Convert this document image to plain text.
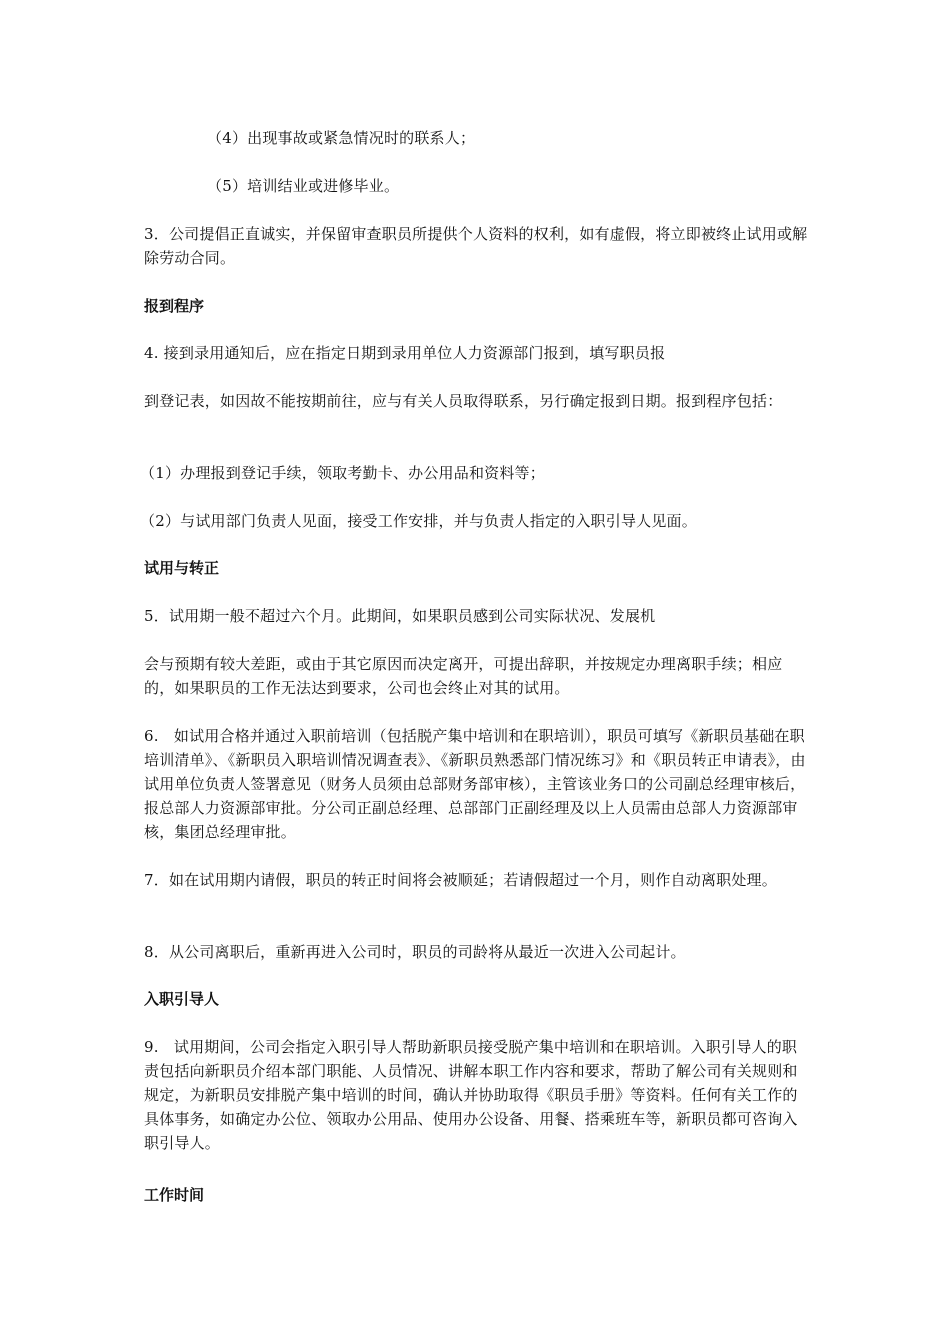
（4）出现事故或紧急情况时的联系人；

（5）培训结业或进修毕业。

3．公司提倡正直诚实，并保留审查职员所提供个人资料的权利，如有虚假，将立即被终止试用或解除劳动合同。

报到程序

4. 接到录用通知后，应在指定日期到录用单位人力资源部门报到，填写职员报

到登记表，如因故不能按期前往，应与有关人员取得联系，另行确定报到日期。报到程序包括：

（1）办理报到登记手续，领取考勤卡、办公用品和资料等；

（2）与试用部门负责人见面，接受工作安排，并与负责人指定的入职引导人见面。

试用与转正

5．试用期一般不超过六个月。此期间，如果职员感到公司实际状况、发展机

会与预期有较大差距，或由于其它原因而决定离开，可提出辞职，并按规定办理离职手续；相应的，如果职员的工作无法达到要求，公司也会终止对其的试用。

6.　如试用合格并通过入职前培训（包括脱产集中培训和在职培训），职员可填写《新职员基础在职培训清单》、《新职员入职培训情况调查表》、《新职员熟悉部门情况练习》和《职员转正申请表》，由试用单位负责人签署意见（财务人员须由总部财务部审核），主管该业务口的公司副总经理审核后，报总部人力资源部审批。分公司正副总经理、总部部门正副经理及以上人员需由总部人力资源部审核，集团总经理审批。

7．如在试用期内请假，职员的转正时间将会被顺延；若请假超过一个月，则作自动离职处理。

8．从公司离职后，重新再进入公司时，职员的司龄将从最近一次进入公司起计。

入职引导人

9.　试用期间，公司会指定入职引导人帮助新职员接受脱产集中培训和在职培训。入职引导人的职责包括向新职员介绍本部门职能、人员情况、讲解本职工作内容和要求，帮助了解公司有关规则和规定，为新职员安排脱产集中培训的时间，确认并协助取得《职员手册》等资料。任何有关工作的具体事务，如确定办公位、领取办公用品、使用办公设备、用餐、搭乘班车等，新职员都可咨询入职引导人。

工作时间
